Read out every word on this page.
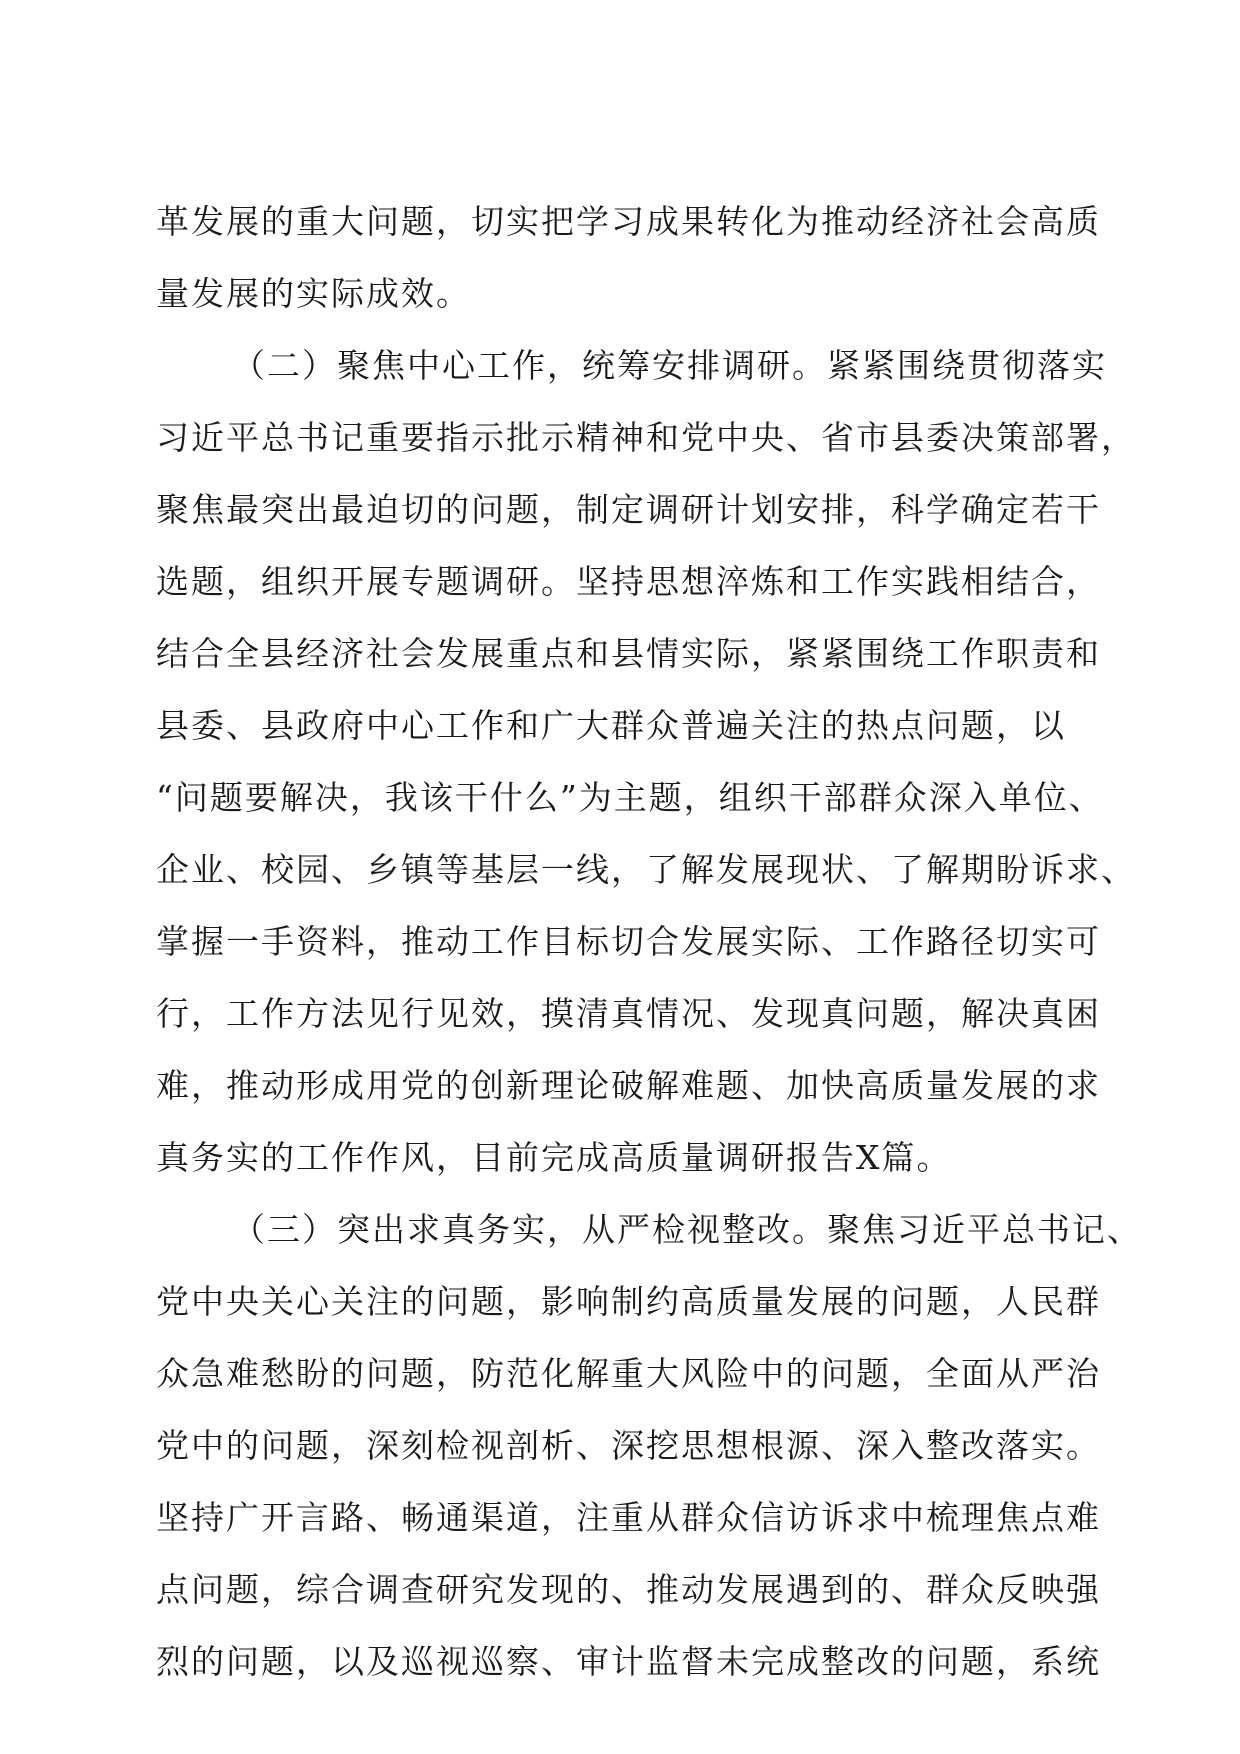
革发展的重大问题，切实把学习成果转化为推动经济社会高质
量发展的实际成效。
（二）聚焦中心工作，统筹安排调研。紧紧围绕贯彻落实
习近平总书记重要指示批示精神和党中央、省市县委决策部署，
聚焦最突出最迫切的问题，制定调研计划安排，科学确定若干
选题，组织开展专题调研。坚持思想淬炼和工作实践相结合，
结合全县经济社会发展重点和县情实际，紧紧围绕工作职责和
县委、县政府中心工作和广大群众普遍关注的热点问题，以
“问题要解决，我该干什么”为主题，组织干部群众深入单位、
企业、校园、乡镇等基层一线，了解发展现状、了解期盼诉求、
掌握一手资料，推动工作目标切合发展实际、工作路径切实可
行，工作方法见行见效，摸清真情况、发现真问题，解决真困
难，推动形成用党的创新理论破解难题、加快高质量发展的求
真务实的工作作风，目前完成高质量调研报告X篇。
（三）突出求真务实，从严检视整改。聚焦习近平总书记、
党中央关心关注的问题，影响制约高质量发展的问题，人民群
众急难愁盼的问题，防范化解重大风险中的问题，全面从严治
党中的问题，深刻检视剖析、深挖思想根源、深入整改落实。
坚持广开言路、畅通渠道，注重从群众信访诉求中梳理焦点难
点问题，综合调查研究发现的、推动发展遇到的、群众反映强
烈的问题，以及巡视巡察、审计监督未完成整改的问题，系统
